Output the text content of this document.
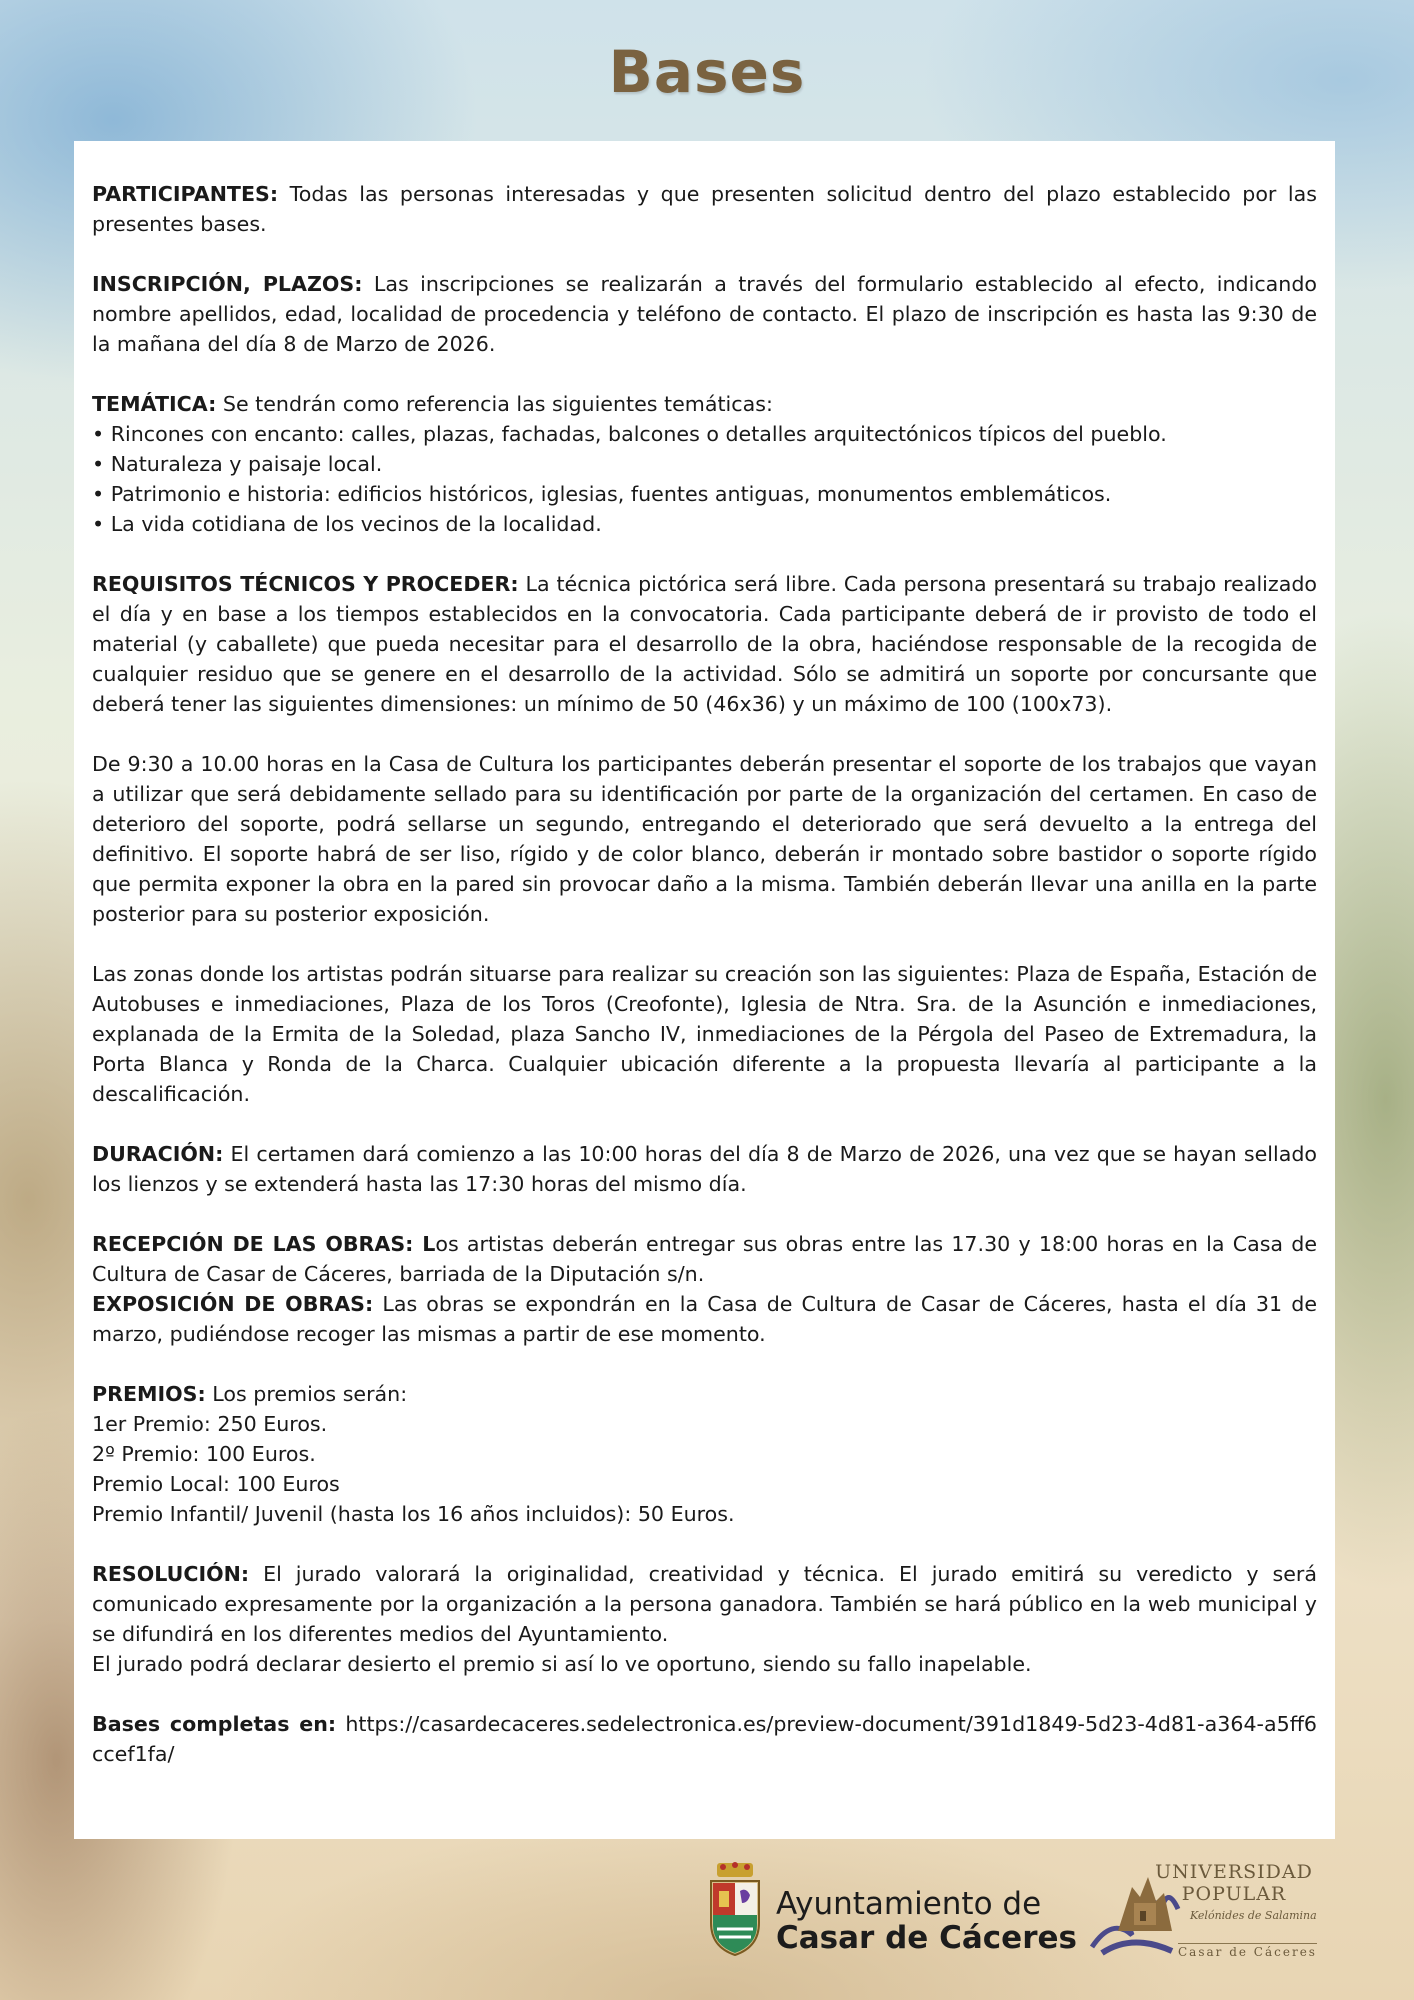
Bases

PARTICIPANTES: Todas las personas interesadas y que presenten solicitud dentro del plazo establecido por las presentes bases.

INSCRIPCIÓN, PLAZOS: Las inscripciones se realizarán a través del formulario establecido al efecto, indicando nombre apellidos, edad, localidad de procedencia y teléfono de contacto. El plazo de inscripción es hasta las 9:30 de la mañana del día 8 de Marzo de 2026.

TEMÁTICA: Se tendrán como referencia las siguientes temáticas:
• Rincones con encanto: calles, plazas, fachadas, balcones o detalles arquitectónicos típicos del pueblo.
• Naturaleza y paisaje local.
• Patrimonio e historia: edificios históricos, iglesias, fuentes antiguas, monumentos emblemáticos.
• La vida cotidiana de los vecinos de la localidad.

REQUISITOS TÉCNICOS Y PROCEDER: La técnica pictórica será libre. Cada persona presentará su trabajo realizado el día y en base a los tiempos establecidos en la convocatoria. Cada participante deberá de ir provisto de todo el material (y caballete) que pueda necesitar para el desarrollo de la obra, haciéndose responsable de la recogida de cualquier residuo que se genere en el desarrollo de la actividad. Sólo se admitirá un soporte por concursante que deberá tener las siguientes dimensiones: un mínimo de 50 (46x36) y un máximo de 100 (100x73).

De 9:30 a 10.00 horas en la Casa de Cultura los participantes deberán presentar el soporte de los trabajos que vayan a utilizar que será debidamente sellado para su identificación por parte de la organización del certamen. En caso de deterioro del soporte, podrá sellarse un segundo, entregando el deteriorado que será devuelto a la entrega del definitivo. El soporte habrá de ser liso, rígido y de color blanco, deberán ir montado sobre bastidor o soporte rígido que permita exponer la obra en la pared sin provocar daño a la misma. También deberán llevar una anilla en la parte posterior para su posterior exposición.

Las zonas donde los artistas podrán situarse para realizar su creación son las siguientes: Plaza de España, Estación de Autobuses e inmediaciones, Plaza de los Toros (Creofonte), Iglesia de Ntra. Sra. de la Asunción e inmediaciones, explanada de la Ermita de la Soledad, plaza Sancho IV, inmediaciones de la Pérgola del Paseo de Extremadura, la Porta Blanca y Ronda de la Charca. Cualquier ubicación diferente a la propuesta llevaría al participante a la descalificación.

DURACIÓN: El certamen dará comienzo a las 10:00 horas del día 8 de Marzo de 2026, una vez que se hayan sellado los lienzos y se extenderá hasta las 17:30 horas del mismo día.

RECEPCIÓN DE LAS OBRAS: Los artistas deberán entregar sus obras entre las 17.30 y 18:00 horas en la Casa de Cultura de Casar de Cáceres, barriada de la Diputación s/n.

EXPOSICIÓN DE OBRAS: Las obras se expondrán en la Casa de Cultura de Casar de Cáceres, hasta el día 31 de marzo, pudiéndose recoger las mismas a partir de ese momento.

PREMIOS: Los premios serán:
1er Premio: 250 Euros.
2º Premio: 100 Euros.
Premio Local: 100 Euros
Premio Infantil/ Juvenil (hasta los 16 años incluidos): 50 Euros.

RESOLUCIÓN: El jurado valorará la originalidad, creatividad y técnica. El jurado emitirá su veredicto y será comunicado expresamente por la organización a la persona ganadora. También se hará público en la web municipal y se difundirá en los diferentes medios del Ayuntamiento.
El jurado podrá declarar desierto el premio si así lo ve oportuno, siendo su fallo inapelable.

Bases completas en: https://casardecaceres.sedelectronica.es/preview-document/391d1849-5d23-4d81-a364-a5ff6ccef1fa/

Ayuntamiento de
Casar de Cáceres
UNIVERSIDAD
POPULAR
Kelónides de Salamina
Casar de Cáceres
